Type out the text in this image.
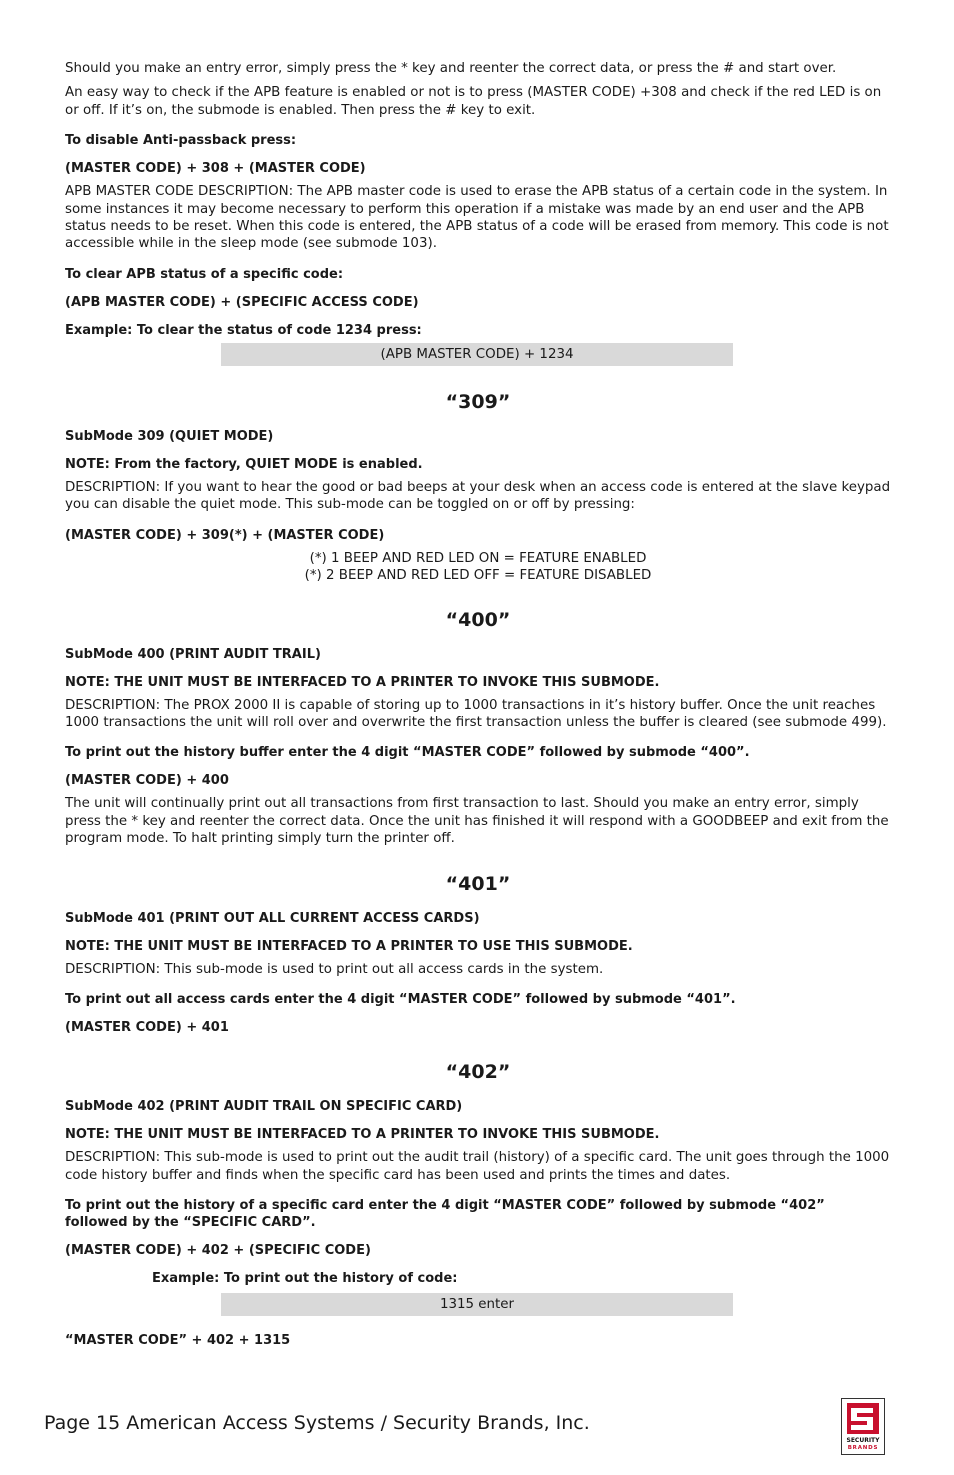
Should you make an entry error, simply press the * key and reenter the correct data, or press the # and start over.

An easy way to check if the APB feature is enabled or not is to press (MASTER CODE) +308 and check if the red LED is on or off. If it’s on, the submode is enabled. Then press the # key to exit.

To disable Anti-passback press:

(MASTER CODE) + 308 + (MASTER CODE)

APB MASTER CODE DESCRIPTION: The APB master code is used to erase the APB status of a certain code in the system. In some instances it may become necessary to perform this operation if a mistake was made by an end user and the APB status needs to be reset. When this code is entered, the APB status of a code will be erased from memory. This code is not accessible while in the sleep mode (see submode 103).

To clear APB status of a specific code:

(APB MASTER CODE) + (SPECIFIC ACCESS CODE)

Example: To clear the status of code 1234 press:

(APB MASTER CODE) + 1234
“309”

SubMode 309 (QUIET MODE)

NOTE: From the factory, QUIET MODE is enabled.

DESCRIPTION: If you want to hear the good or bad beeps at your desk when an access code is entered at the slave keypad you can disable the quiet mode. This sub-mode can be toggled on or off by pressing:

(MASTER CODE) + 309(*) + (MASTER CODE)

(*) 1 BEEP AND RED LED ON = FEATURE ENABLED

(*) 2 BEEP AND RED LED OFF = FEATURE DISABLED

“400”

SubMode 400 (PRINT AUDIT TRAIL)

NOTE: THE UNIT MUST BE INTERFACED TO A PRINTER TO INVOKE THIS SUBMODE.

DESCRIPTION: The PROX 2000 II is capable of storing up to 1000 transactions in it’s history buffer. Once the unit reaches 1000 transactions the unit will roll over and overwrite the first transaction unless the buffer is cleared (see submode 499).

To print out the history buffer enter the 4 digit “MASTER CODE” followed by submode “400”.

(MASTER CODE) + 400

The unit will continually print out all transactions from first transaction to last. Should you make an entry error, simply press the * key and reenter the correct data. Once the unit has finished it will respond with a GOODBEEP and exit from the program mode. To halt printing simply turn the printer off.

“401”

SubMode 401 (PRINT OUT ALL CURRENT ACCESS CARDS)

NOTE: THE UNIT MUST BE INTERFACED TO A PRINTER TO USE THIS SUBMODE.

DESCRIPTION: This sub-mode is used to print out all access cards in the system.

To print out all access cards enter the 4 digit “MASTER CODE” followed by submode “401”.

(MASTER CODE) + 401

“402”

SubMode 402 (PRINT AUDIT TRAIL ON SPECIFIC CARD)

NOTE: THE UNIT MUST BE INTERFACED TO A PRINTER TO INVOKE THIS SUBMODE.

DESCRIPTION: This sub-mode is used to print out the audit trail (history) of a specific card. The unit goes through the 1000 code history buffer and finds when the specific card has been used and prints the times and dates.

To print out the history of a specific card enter the 4 digit “MASTER CODE” followed by submode “402” followed by the “SPECIFIC CARD”.

(MASTER CODE) + 402 + (SPECIFIC CODE)

Example: To print out the history of code:

1315 enter

“MASTER CODE” + 402 + 1315

Page 15 American Access Systems / Security Brands, Inc.
SECURITY
BRANDS
